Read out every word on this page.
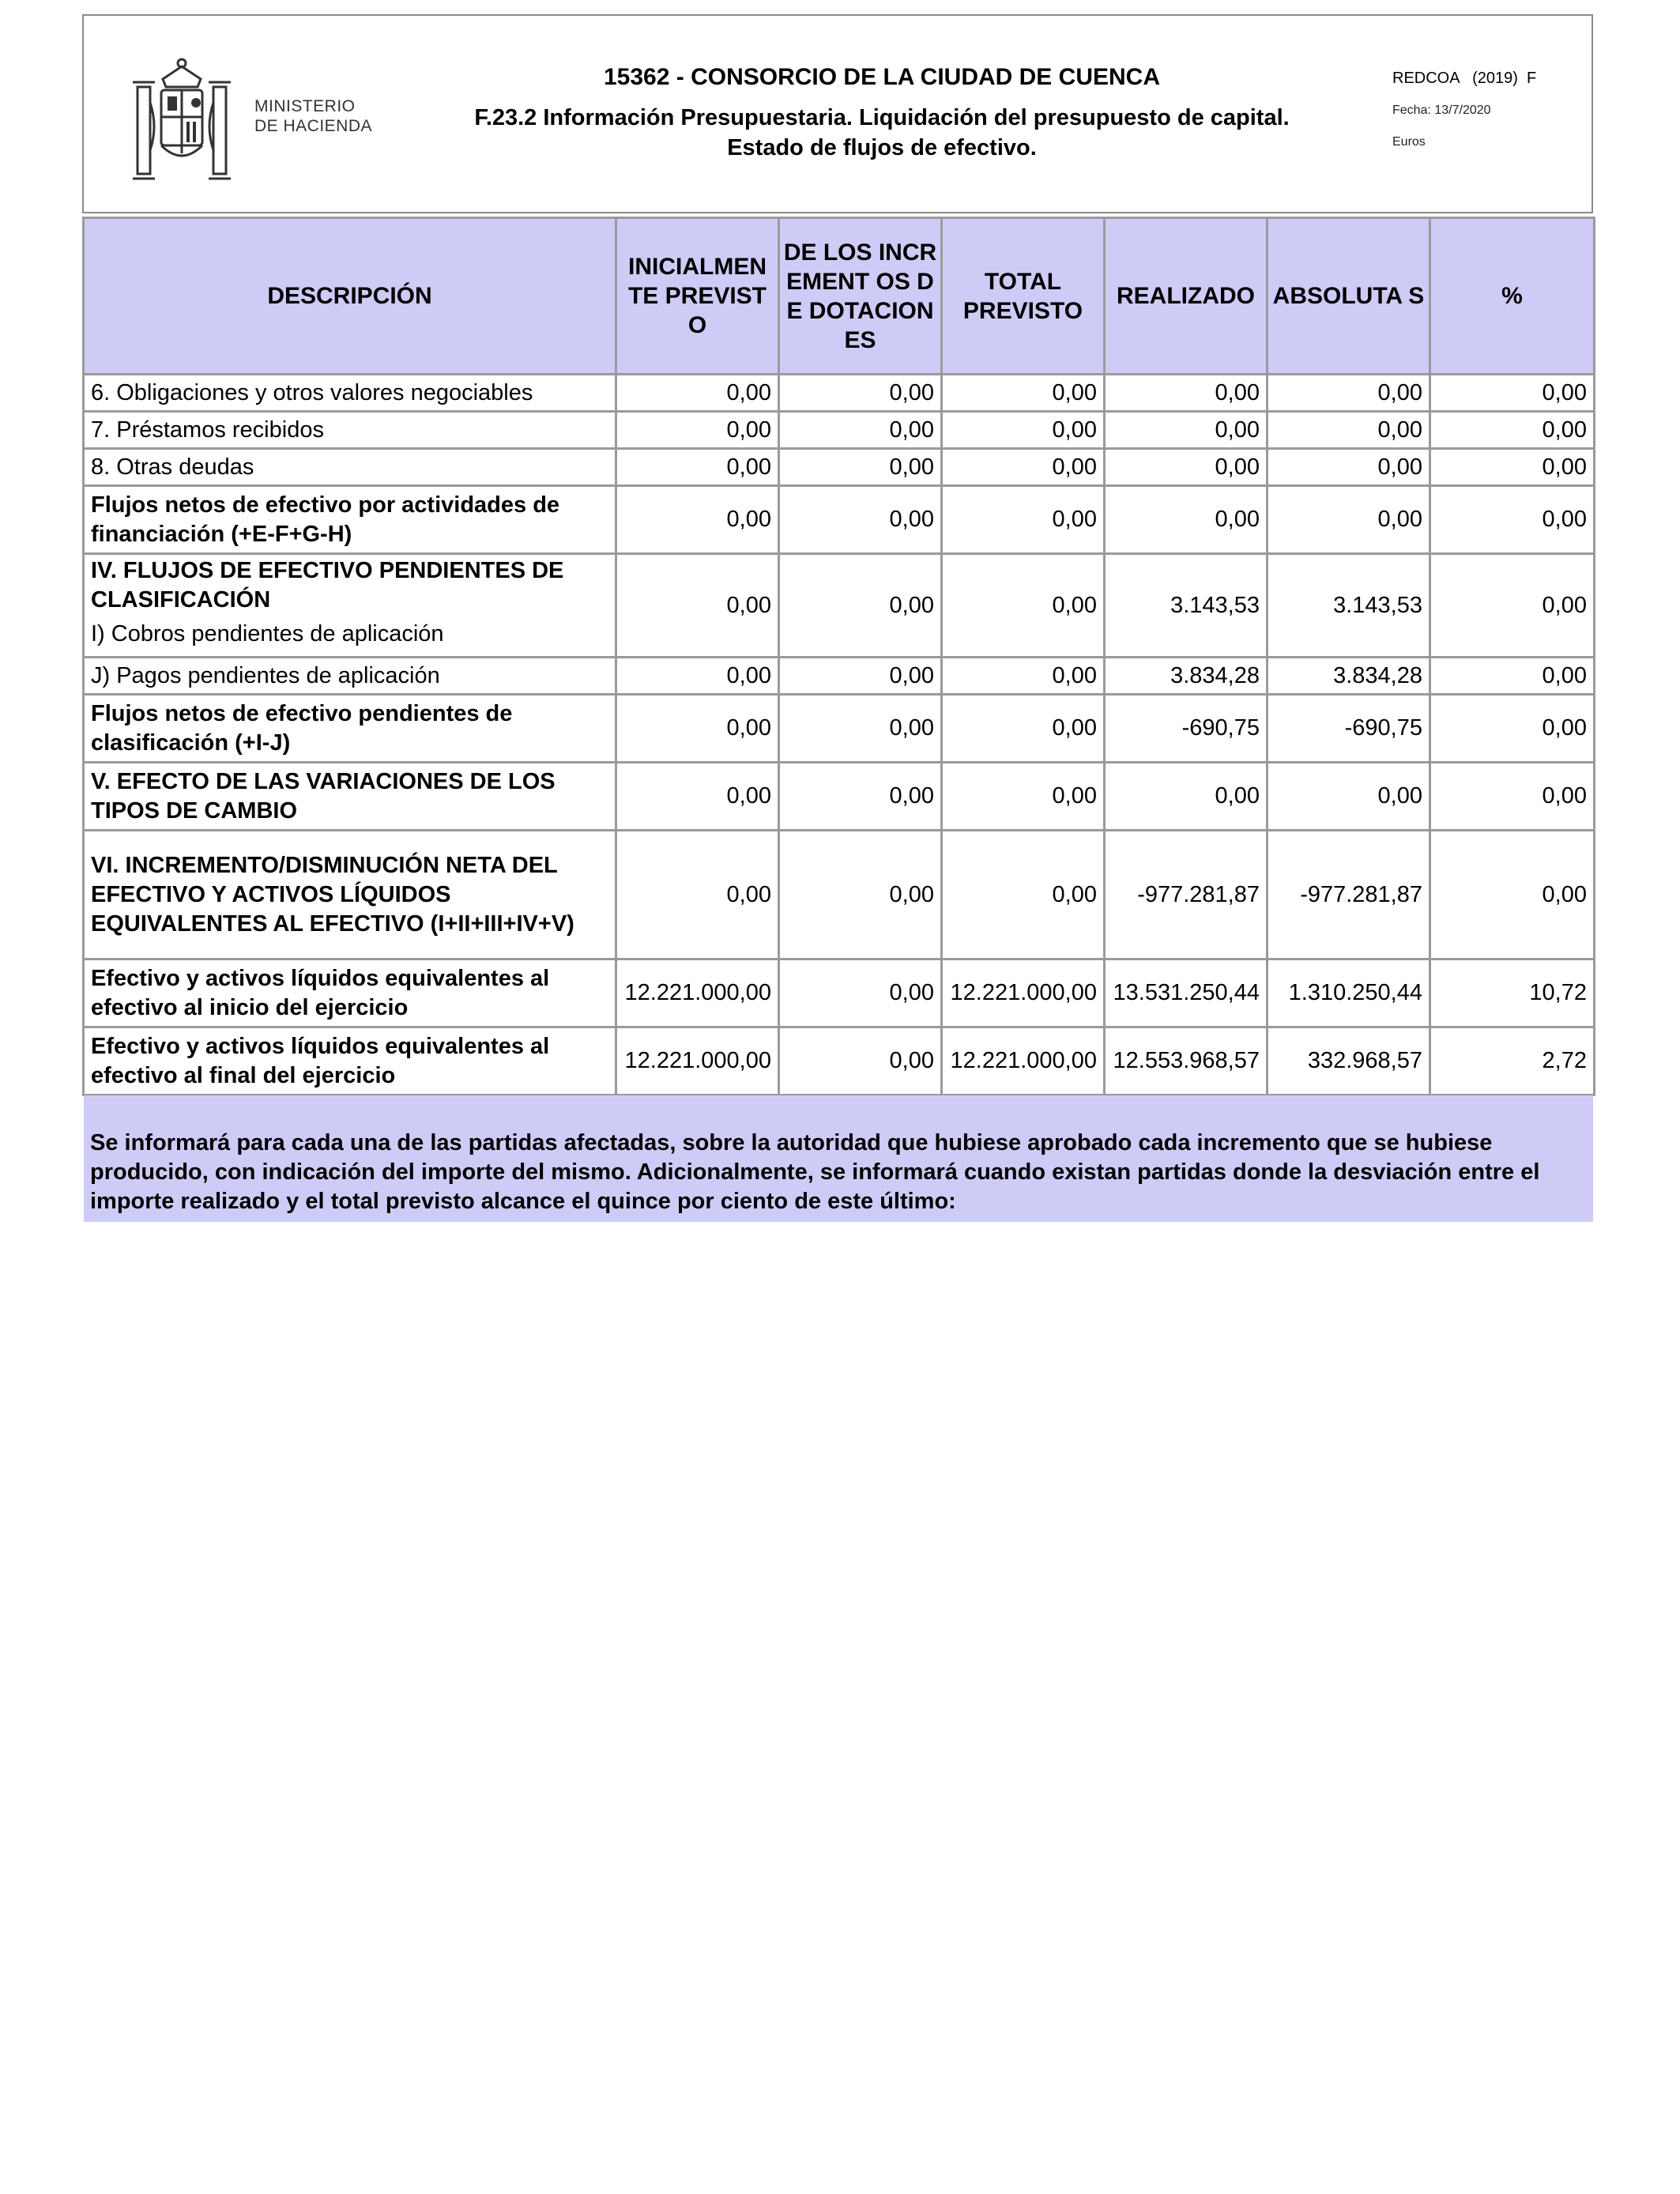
MINISTERIO
DE HACIENDA
15362 - CONSORCIO DE LA CIUDAD DE CUENCA
F.23.2 Información Presupuestaria. Liquidación del presupuesto de capital.
Estado de flujos de efectivo.
REDCOA   (2019)  F
Fecha: 13/7/2020
Euros
DESCRIPCIÓN	INICIALMEN TE PREVISTO	DE LOS INCREMENT OS DE DOTACION ES	TOTAL PREVISTO	REALIZADO	ABSOLUTA S	%
6. Obligaciones y otros valores negociables	0,00	0,00	0,00	0,00	0,00	0,00
7. Préstamos recibidos	0,00	0,00	0,00	0,00	0,00	0,00
8. Otras deudas	0,00	0,00	0,00	0,00	0,00	0,00
Flujos netos de efectivo por actividades de financiación (+E-F+G-H)	0,00	0,00	0,00	0,00	0,00	0,00

IV. FLUJOS DE EFECTIVO PENDIENTES DE CLASIFICACIÓN
I) Cobros pendientes de aplicación	0,00	0,00	0,00	3.143,53	3.143,53	0,00
J) Pagos pendientes de aplicación	0,00	0,00	0,00	3.834,28	3.834,28	0,00
Flujos netos de efectivo pendientes de clasificación (+I-J)	0,00	0,00	0,00	-690,75	-690,75	0,00
V. EFECTO DE LAS VARIACIONES DE LOS TIPOS DE CAMBIO	0,00	0,00	0,00	0,00	0,00	0,00
VI. INCREMENTO/DISMINUCIÓN NETA DEL EFECTIVO Y ACTIVOS LÍQUIDOS EQUIVALENTES AL EFECTIVO (I+II+III+IV+V)	0,00	0,00	0,00	-977.281,87	-977.281,87	0,00
Efectivo y activos líquidos equivalentes al efectivo al inicio del ejercicio	12.221.000,00	0,00	12.221.000,00	13.531.250,44	1.310.250,44	10,72
Efectivo y activos líquidos equivalentes al efectivo al final del ejercicio	12.221.000,00	0,00	12.221.000,00	12.553.968,57	332.968,57	2,72
Se informará para cada una de las partidas afectadas, sobre la autoridad que hubiese aprobado cada incremento que se hubiese producido, con indicación del importe del mismo. Adicionalmente, se informará cuando existan partidas donde la desviación entre el importe realizado y el total previsto alcance el quince por ciento de este último:
